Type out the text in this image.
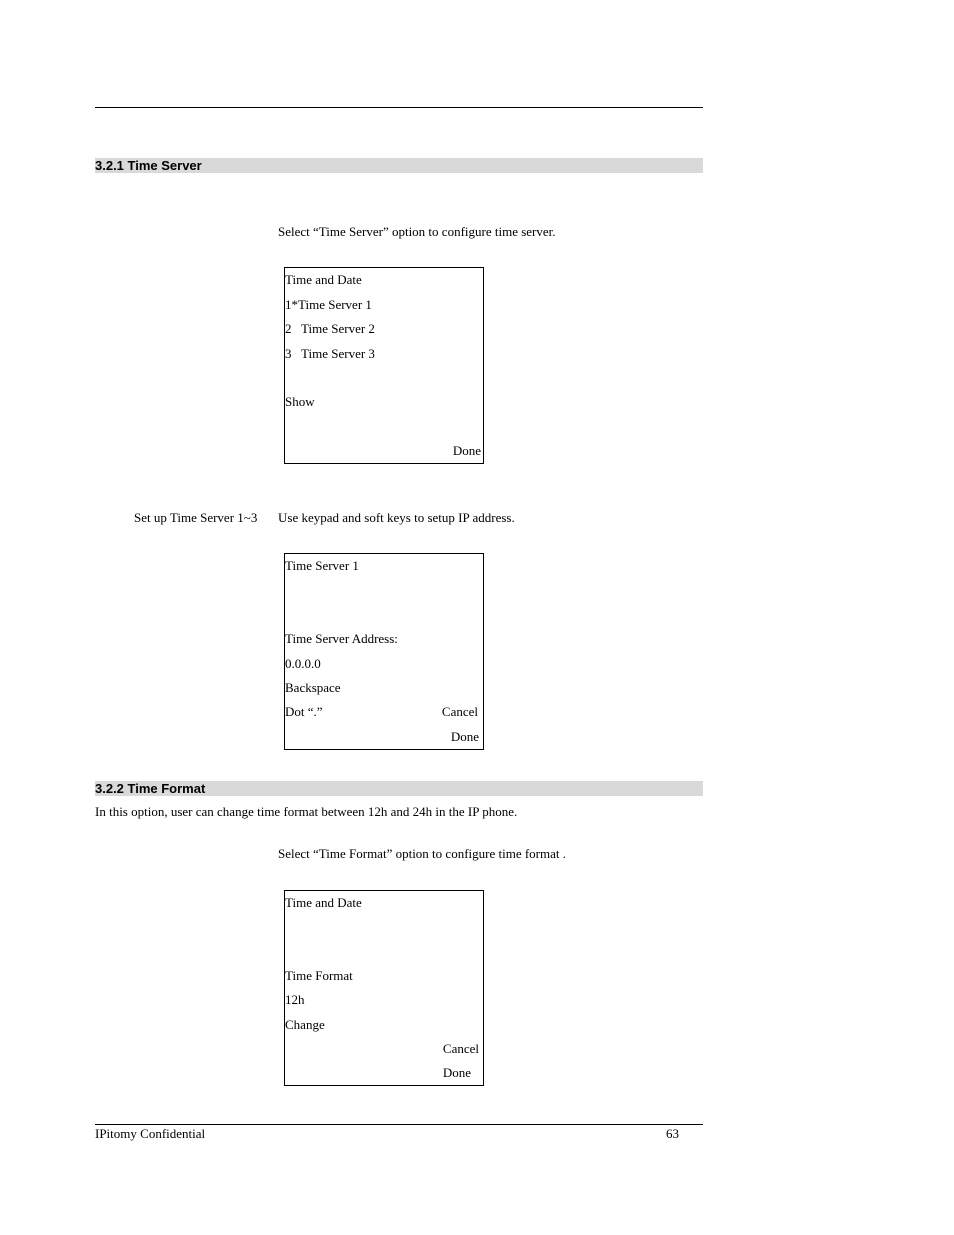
3.2.1 Time Server
Select “Time Server” option to configure time server.
Time and Date
1*Time Server 1
2   Time Server 2
3   Time Server 3
Show
Done
Set up Time Server 1~3 Use keypad and soft keys to setup IP address.
Time Server 1
Time Server Address:
0.0.0.0
Backspace
Dot “.”	Cancel
Done
3.2.2 Time Format
In this option, user can change time format between 12h and 24h in the IP phone.
Select “Time Format” option to configure time format .
Time and Date
Time Format
12h
Change
Cancel
Done
IPitomy Confidential	63
